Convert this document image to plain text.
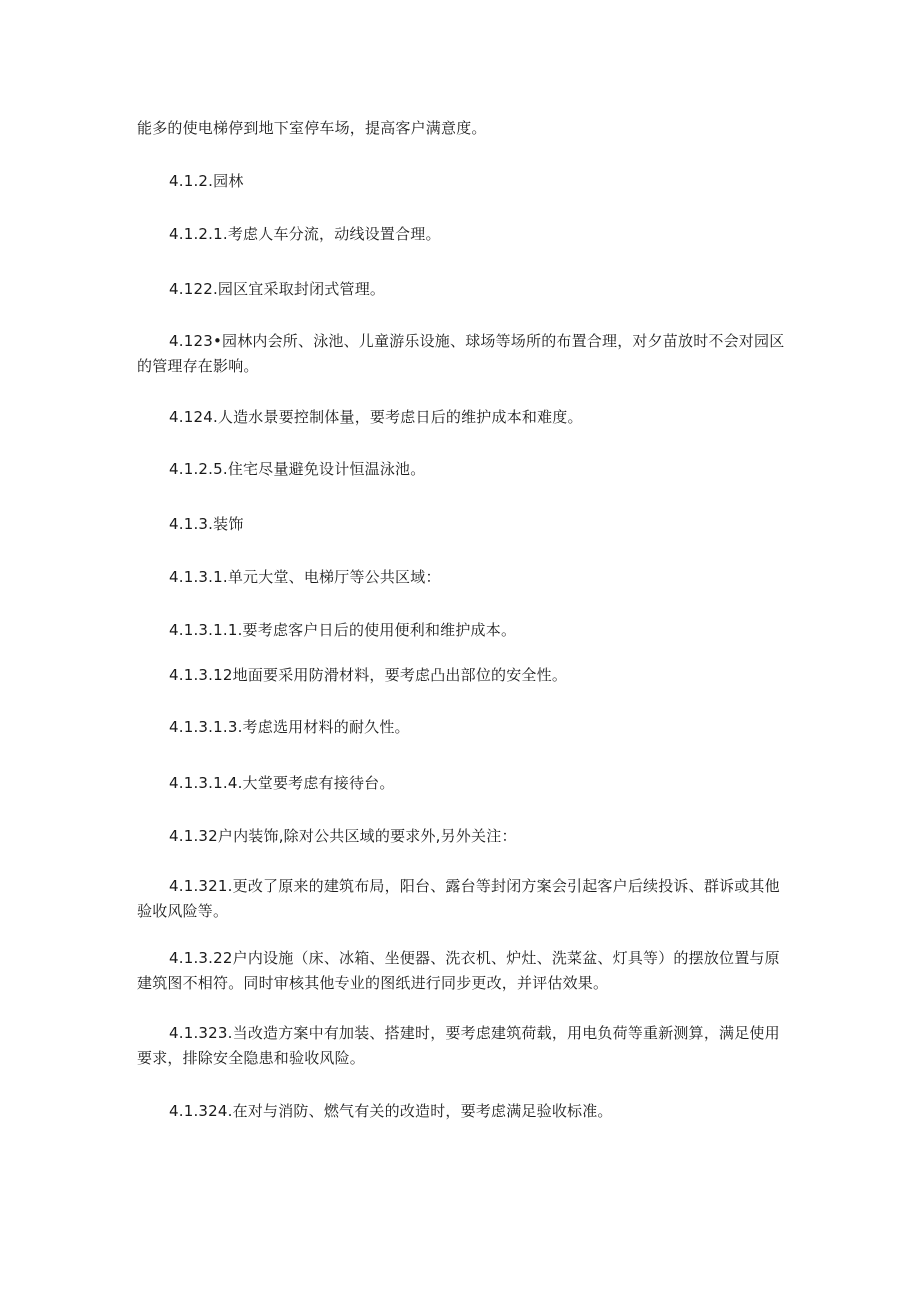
能多的使电梯停到地下室停车场，提高客户满意度。

4.1.2.园林

4.1.2.1.考虑人车分流，动线设置合理。

4.122.园区宜采取封闭式管理。

4.123•园林内会所、泳池、儿童游乐设施、球场等场所的布置合理，对夕苗放时不会对园区的管理存在影响。

4.124.人造水景要控制体量，要考虑日后的维护成本和难度。

4.1.2.5.住宅尽量避免设计恒温泳池。

4.1.3.装饰

4.1.3.1.单元大堂、电梯厅等公共区域：

4.1.3.1.1.要考虑客户日后的使用便利和维护成本。

4.1.3.12地面要采用防滑材料，要考虑凸出部位的安全性。

4.1.3.1.3.考虑选用材料的耐久性。

4.1.3.1.4.大堂要考虑有接待台。

4.1.32户内装饰,除对公共区域的要求外,另外关注：

4.1.321.更改了原来的建筑布局，阳台、露台等封闭方案会引起客户后续投诉、群诉或其他验收风险等。

4.1.3.22户内设施（床、冰箱、坐便器、洗衣机、炉灶、洗菜盆、灯具等）的摆放位置与原建筑图不相符。同时审核其他专业的图纸进行同步更改，并评估效果。

4.1.323.当改造方案中有加装、搭建时，要考虑建筑荷载，用电负荷等重新测算，满足使用要求，排除安全隐患和验收风险。

4.1.324.在对与消防、燃气有关的改造时，要考虑满足验收标准。
